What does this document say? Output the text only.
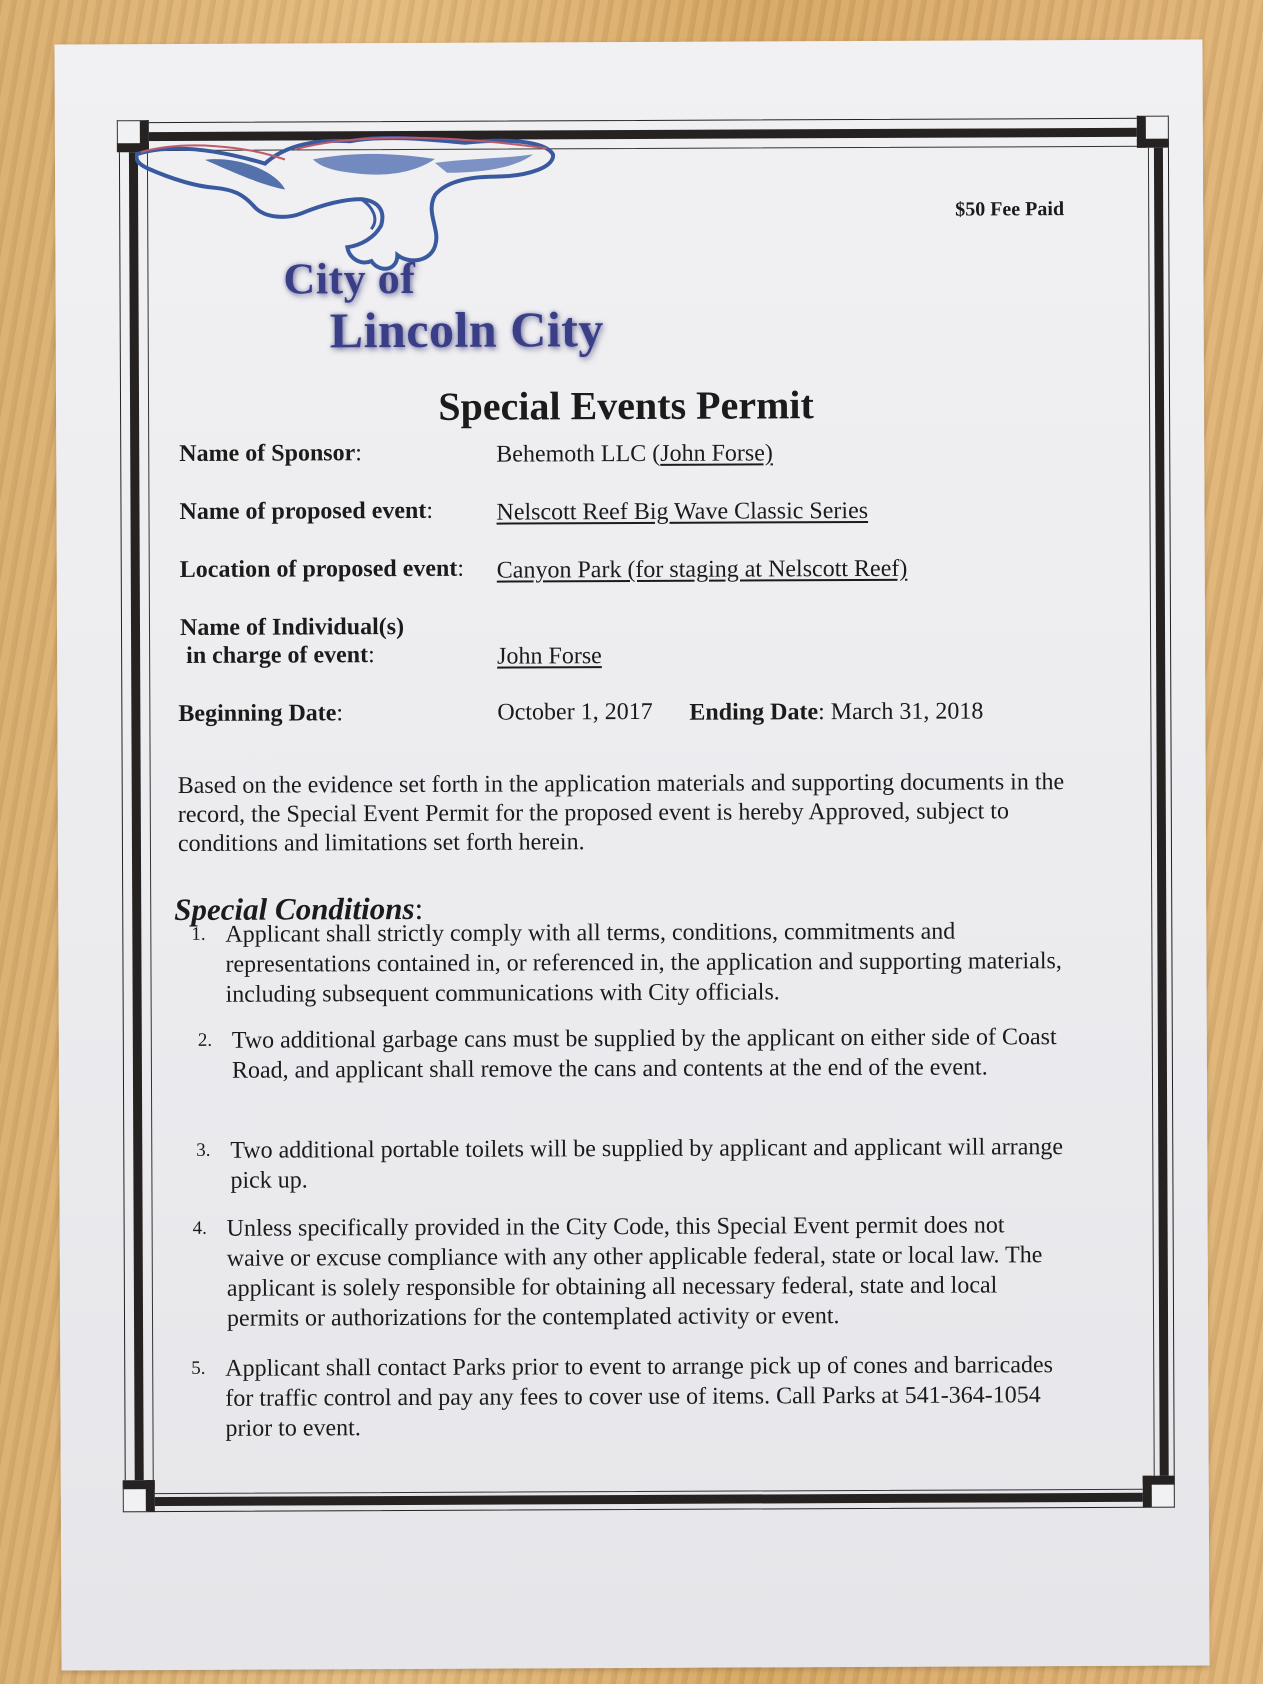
City of
Lincoln City
$50 Fee Paid
Special Events Permit
Name of Sponsor:	Behemoth LLC (John Forse)
Name of proposed event:	Nelscott Reef Big Wave Classic Series
Location of proposed event: Canyon Park (for staging at Nelscott Reef)
Name of Individual(s)
in charge of event:	John Forse
Beginning Date:	October 1, 2017 Ending Date: March 31, 2018
Based on the evidence set forth in the application materials and supporting documents in the record, the Special Event Permit for the proposed event is hereby Approved, subject to conditions and limitations set forth herein.
Special Conditions:
1. Applicant shall strictly comply with all terms, conditions, commitments and representations contained in, or referenced in, the application and supporting materials, including subsequent communications with City officials.
2. Two additional garbage cans must be supplied by the applicant on either side of Coast Road, and applicant shall remove the cans and contents at the end of the event.
3. Two additional portable toilets will be supplied by applicant and applicant will arrange pick up.
4. Unless specifically provided in the City Code, this Special Event permit does not waive or excuse compliance with any other applicable federal, state or local law. The applicant is solely responsible for obtaining all necessary federal, state and local permits or authorizations for the contemplated activity or event.
5. Applicant shall contact Parks prior to event to arrange pick up of cones and barricades for traffic control and pay any fees to cover use of items. Call Parks at 541-364-1054 prior to event.
